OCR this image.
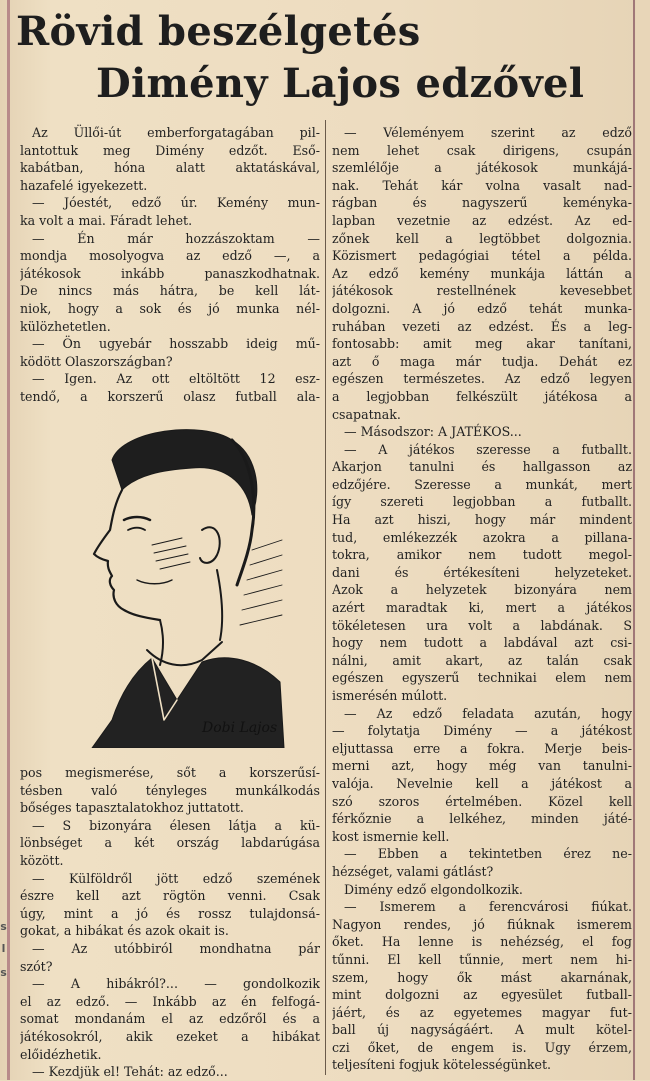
s
l
s
Rövid beszélgetés
Dimény Lajos edzővel
Az Üllői-út emberforgatagában pil-
lantottuk meg Dimény edzőt. Eső-
kabátban, hóna alatt aktatáskával,
hazafelé igyekezett.
— Jóestét, edző úr. Kemény mun-
ka volt a mai. Fáradt lehet.
— Én már hozzászoktam —
mondja mosolyogva az edző —, a
játékosok inkább panaszkodhatnak.
De nincs más hátra, be kell lát-
niok, hogy a sok és jó munka nél-
külözhetetlen.
— Ön ugyebár hosszabb ideig mű-
ködött Olaszországban?
— Igen. Az ott eltöltött 12 esz-
tendő, a korszerű olasz futball ala-
Dobi Lajos
pos megismerése, sőt a korszerűsí-
tésben való tényleges munkálkodás
bőséges tapasztalatokhoz juttatott.
— S bizonyára élesen látja a kü-
lönbséget a két ország labdarúgása
között.
— Külföldről jött edző szemének
észre kell azt rögtön venni. Csak
úgy, mint a jó és rossz tulajdonsá-
gokat, a hibákat és azok okait is.
— Az utóbbiról mondhatna pár
szót?
— A hibákról?... — gondolkozik
el az edző. — Inkább az én felfogá-
somat mondanám el az edzőről és a
játékosokról, akik ezeket a hibákat
előidézhetik.
— Kezdjük el! Tehát: az edző...
— Véleményem szerint az edző
nem lehet csak dirigens, csupán
szemlélője a játékosok munkájá-
nak. Tehát kár volna vasalt nad-
rágban és nagyszerű keménykа-
lapban vezetnie az edzést. Az ed-
zőnek kell a legtöbbet dolgoznia.
Közismert pedagógiai tétel a példa.
Az edző kemény munkája láttán a
játékosok restellnének kevesebbet
dolgozni. A jó edző tehát munka-
ruhában vezeti az edzést. És a leg-
fontosabb: amit meg akar tanítani,
azt ő maga már tudja. Dehát ez
egészen természetes. Az edző legyen
a legjobban felkészült játékosa a
csapatnak.
— Másodszor: A JATÉKOS...
— A játékos szeresse a futballt.
Akarjon tanulni és hallgasson az
edzőjére. Szeresse a munkát, mert
így szereti legjobban a futballt.
Ha azt hiszi, hogy már mindent
tud, emlékezzék azokra a pillana-
tokra, amikor nem tudott megol-
dani és értékesíteni helyzeteket.
Azok a helyzetek bizonyára nem
azért maradtak ki, mert a játékos
tökéletesen ura volt a labdának. S
hogy nem tudott a labdával azt csi-
nálni, amit akart, az talán csak
egészen egyszerű technikai elem nem
ismerésén múlott.
— Az edző feladata azután, hogy
— folytatja Dimény — a játékost
eljuttassa erre a fokra. Merje beis-
merni azt, hogy még van tanulni-
valója. Nevelnie kell a játékost a
szó szoros értelmében. Közel kell
férkőznie a lelkéhez, minden játé-
kost ismernie kell.
— Ebben a tekintetben érez ne-
hézséget, valami gátlást?
Dimény edző elgondolkozik.
— Ismerem a ferencvárosi fiúkat.
Nagyon rendes, jó fiúknak ismerem
őket. Ha lenne is nehézség, el fog
tűnni. El kell tűnnie, mert nem hi-
szem, hogy ők mást akarnának,
mint dolgozni az egyesület futball-
jáért, és az egyetemes magyar fut-
ball új nagyságáért. A mult kötel-
czi őket, de engem is. Ugy érzem,
teljesíteni fogjuk kötelességünket.
